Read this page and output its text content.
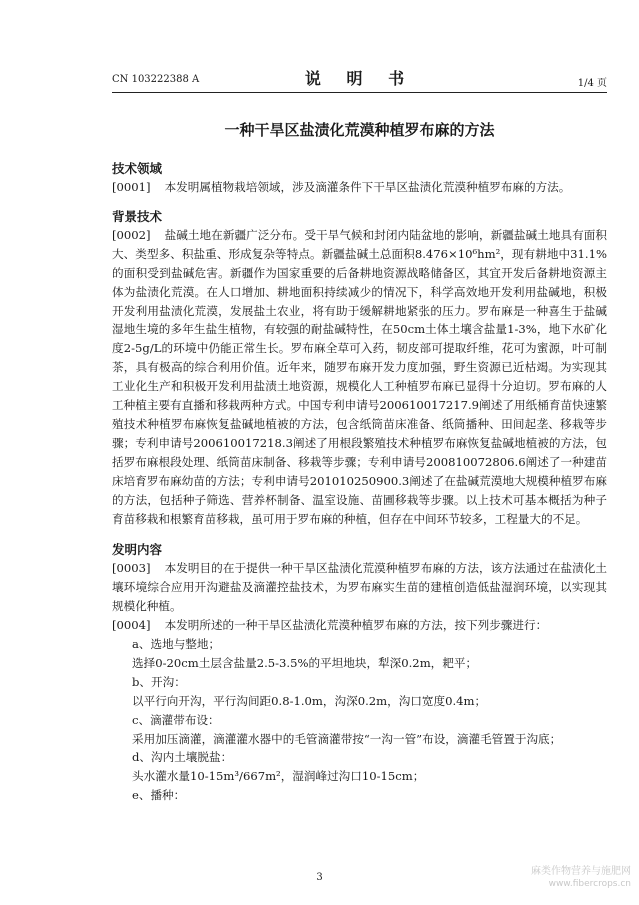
CN 103222388 A	说 明 书	1/4 页
一种干旱区盐渍化荒漠种植罗布麻的方法
技术领域

[0001] 本发明属植物栽培领域，涉及滴灌条件下干旱区盐渍化荒漠种植罗布麻的方法。

背景技术

[0002] 盐碱土地在新疆广泛分布。受干旱气候和封闭内陆盆地的影响，新疆盐碱土地具有面积大、类型多、积盐重、形成复杂等特点。新疆盐碱土总面积8.476×10⁶hm²，现有耕地中31.1%的面积受到盐碱危害。新疆作为国家重要的后备耕地资源战略储备区，其宜开发后备耕地资源主体为盐渍化荒漠。在人口增加、耕地面积持续减少的情况下，科学高效地开发利用盐碱地，积极开发利用盐渍化荒漠，发展盐土农业，将有助于缓解耕地紧张的压力。罗布麻是一种喜生于盐碱湿地生境的多年生盐生植物，有较强的耐盐碱特性，在50cm土体土壤含盐量1-3%，地下水矿化度2-5g/L的环境中仍能正常生长。罗布麻全草可入药，韧皮部可提取纤维，花可为蜜源，叶可制茶，具有极高的综合利用价值。近年来，随罗布麻开发力度加强，野生资源已近枯竭。为实现其工业化生产和积极开发利用盐渍土地资源，规模化人工种植罗布麻已显得十分迫切。罗布麻的人工种植主要有直播和移栽两种方式。中国专利申请号200610017217.9阐述了用纸桶育苗快速繁殖技术种植罗布麻恢复盐碱地植被的方法，包含纸筒苗床准备、纸筒播种、田间起垄、移栽等步骤；专利申请号200610017218.3阐述了用根段繁殖技术种植罗布麻恢复盐碱地植被的方法，包括罗布麻根段处理、纸筒苗床制备、移栽等步骤；专利申请号200810072806.6阐述了一种建苗床培育罗布麻幼苗的方法；专利申请号201010250900.3阐述了在盐碱荒漠地大规模种植罗布麻的方法，包括种子筛选、营养杯制备、温室设施、苗圃移栽等步骤。以上技术可基本概括为种子育苗移栽和根繁育苗移栽，虽可用于罗布麻的种植，但存在中间环节较多，工程量大的不足。

发明内容

[0003] 本发明目的在于提供一种干旱区盐渍化荒漠种植罗布麻的方法，该方法通过在盐渍化土壤环境综合应用开沟避盐及滴灌控盐技术，为罗布麻实生苗的建植创造低盐湿润环境，以实现其规模化种植。

[0004] 本发明所述的一种干旱区盐渍化荒漠种植罗布麻的方法，按下列步骤进行：

a、选地与整地；

选择0-20cm土层含盐量2.5-3.5%的平坦地块，犁深0.2m，耙平；

b、开沟：

以平行向开沟，平行沟间距0.8-1.0m，沟深0.2m，沟口宽度0.4m；

c、滴灌带布设：

采用加压滴灌，滴灌灌水器中的毛管滴灌带按“一沟一管”布设，滴灌毛管置于沟底；

d、沟内土壤脱盐：

头水灌水量10-15m³/667m²，湿润峰过沟口10-15cm；

e、播种：

3
麻类作物营养与施肥网
www.fibercrops.cn
